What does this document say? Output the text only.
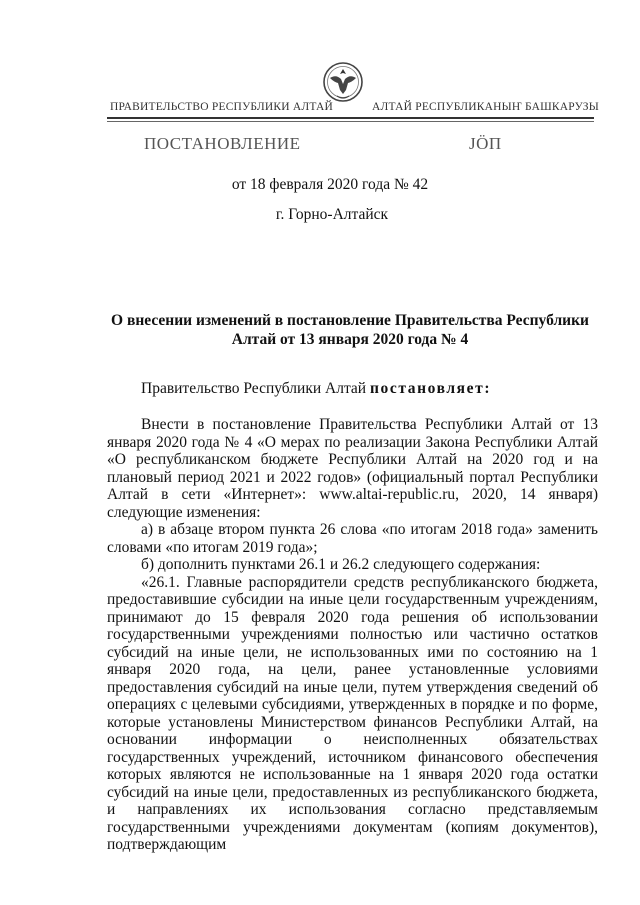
ПРАВИТЕЛЬСТВО РЕСПУБЛИКИ АЛТАЙ	АЛТАЙ РЕСПУБЛИКАНЫҤ БАШКАРУЗЫ
ПОСТАНОВЛЕНИЕ	JÖП
от 18 февраля 2020 года № 42
г. Горно-Алтайск
О внесении изменений в постановление Правительства Республики Алтай от 13 января 2020 года № 4
Правительство Республики Алтай постановляет:

Внести в постановление Правительства Республики Алтай от 13 января 2020 года № 4 «О мерах по реализации Закона Республики Алтай «О республиканском бюджете Республики Алтай на 2020 год и на плановый период 2021 и 2022 годов» (официальный портал Республики Алтай в сети «Интернет»: www.altai-republic.ru, 2020, 14 января) следующие изменения:

а) в абзаце втором пункта 26 слова «по итогам 2018 года» заменить словами «по итогам 2019 года»;

б) дополнить пунктами 26.1 и 26.2 следующего содержания:

«26.1. Главные распорядители средств республиканского бюджета, предоставившие субсидии на иные цели государственным учреждениям, принимают до 15 февраля 2020 года решения об использовании государственными учреждениями полностью или частично остатков субсидий на иные цели, не использованных ими по состоянию на 1 января 2020 года, на цели, ранее установленные условиями предоставления субсидий на иные цели, путем утверждения сведений об операциях с целевыми субсидиями, утвержденных в порядке и по форме, которые установлены Министерством финансов Республики Алтай, на основании информации о неисполненных обязательствах государственных учреждений, источником финансового обеспечения которых являются не использованные на 1 января 2020 года остатки субсидий на иные цели, предоставленных из республиканского бюджета, и направлениях их использования согласно представляемым государственными учреждениями документам (копиям документов), подтверждающим
